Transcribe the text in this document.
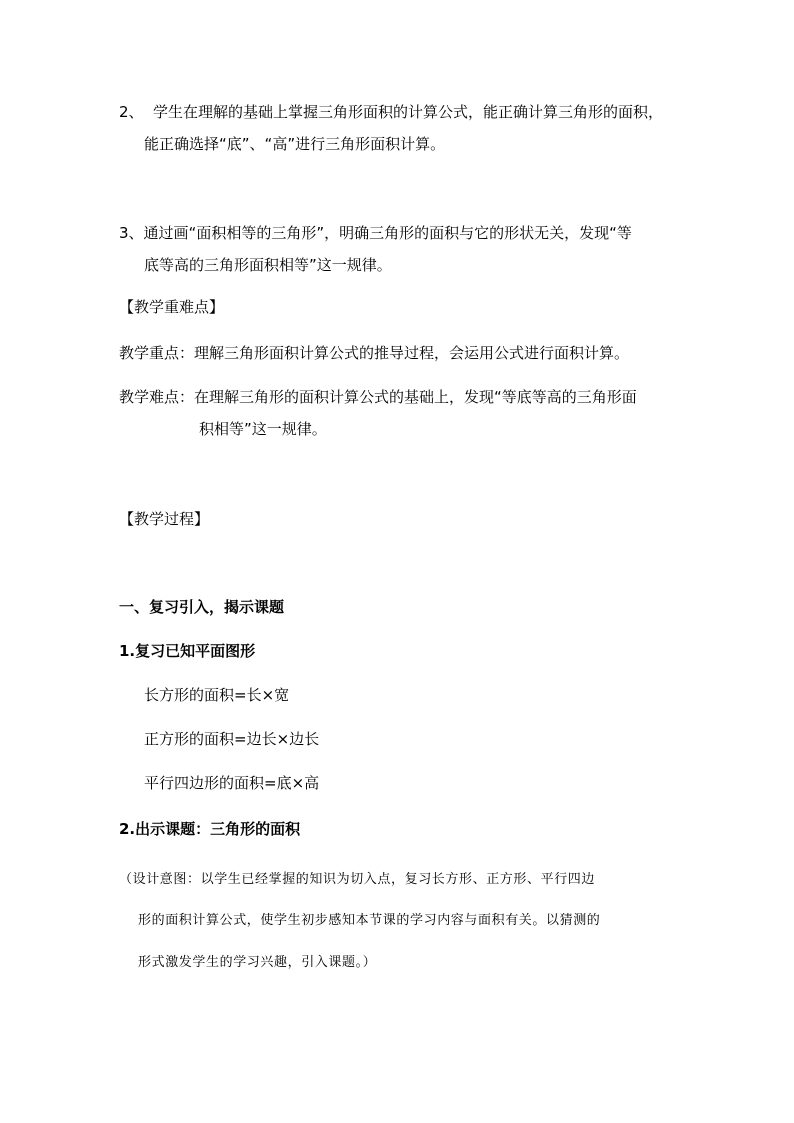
2、 学生在理解的基础上掌握三角形面积的计算公式，能正确计算三角形的面积，
能正确选择“底”、“高”进行三角形面积计算。
3、通过画“面积相等的三角形”，明确三角形的面积与它的形状无关，发现“等
底等高的三角形面积相等”这一规律。
【教学重难点】
教学重点：理解三角形面积计算公式的推导过程，会运用公式进行面积计算。
教学难点：在理解三角形的面积计算公式的基础上，发现“等底等高的三角形面
积相等”这一规律。
【教学过程】
一、复习引入，揭示课题
1.复习已知平面图形
长方形的面积=长×宽
正方形的面积=边长×边长
平行四边形的面积=底×高
2.出示课题：三角形的面积
（设计意图：以学生已经掌握的知识为切入点，复习长方形、正方形、平行四边
形的面积计算公式，使学生初步感知本节课的学习内容与面积有关。以猜测的
形式激发学生的学习兴趣，引入课题。）
